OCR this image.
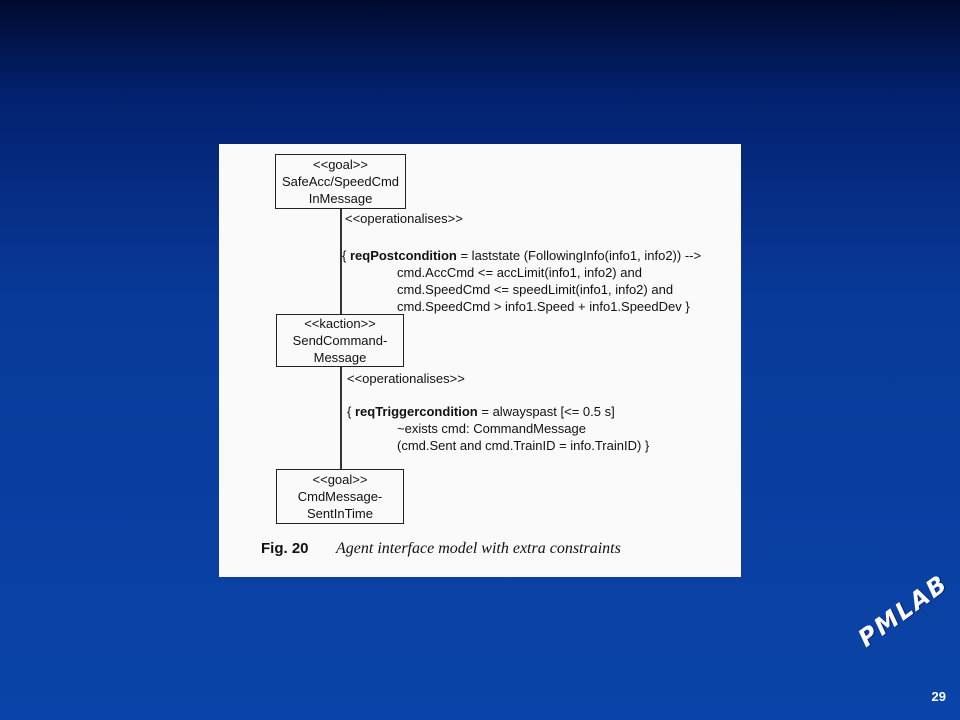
<<goal>>
SafeAcc/SpeedCmd
InMessage
<<operationalises>>
{ reqPostcondition = laststate (FollowingInfo(info1, info2)) -->
cmd.AccCmd <= accLimit(info1, info2) and
cmd.SpeedCmd <= speedLimit(info1, info2) and
cmd.SpeedCmd > info1.Speed + info1.SpeedDev }
<<kaction>>
SendCommand-
Message
<<operationalises>>
{ reqTriggercondition = alwayspast [<= 0.5 s]
~exists cmd: CommandMessage
(cmd.Sent and cmd.TrainID = info.TrainID) }
<<goal>>
CmdMessage-
SentInTime
Fig. 20 Agent interface model with extra constraints
PMLAB
29
